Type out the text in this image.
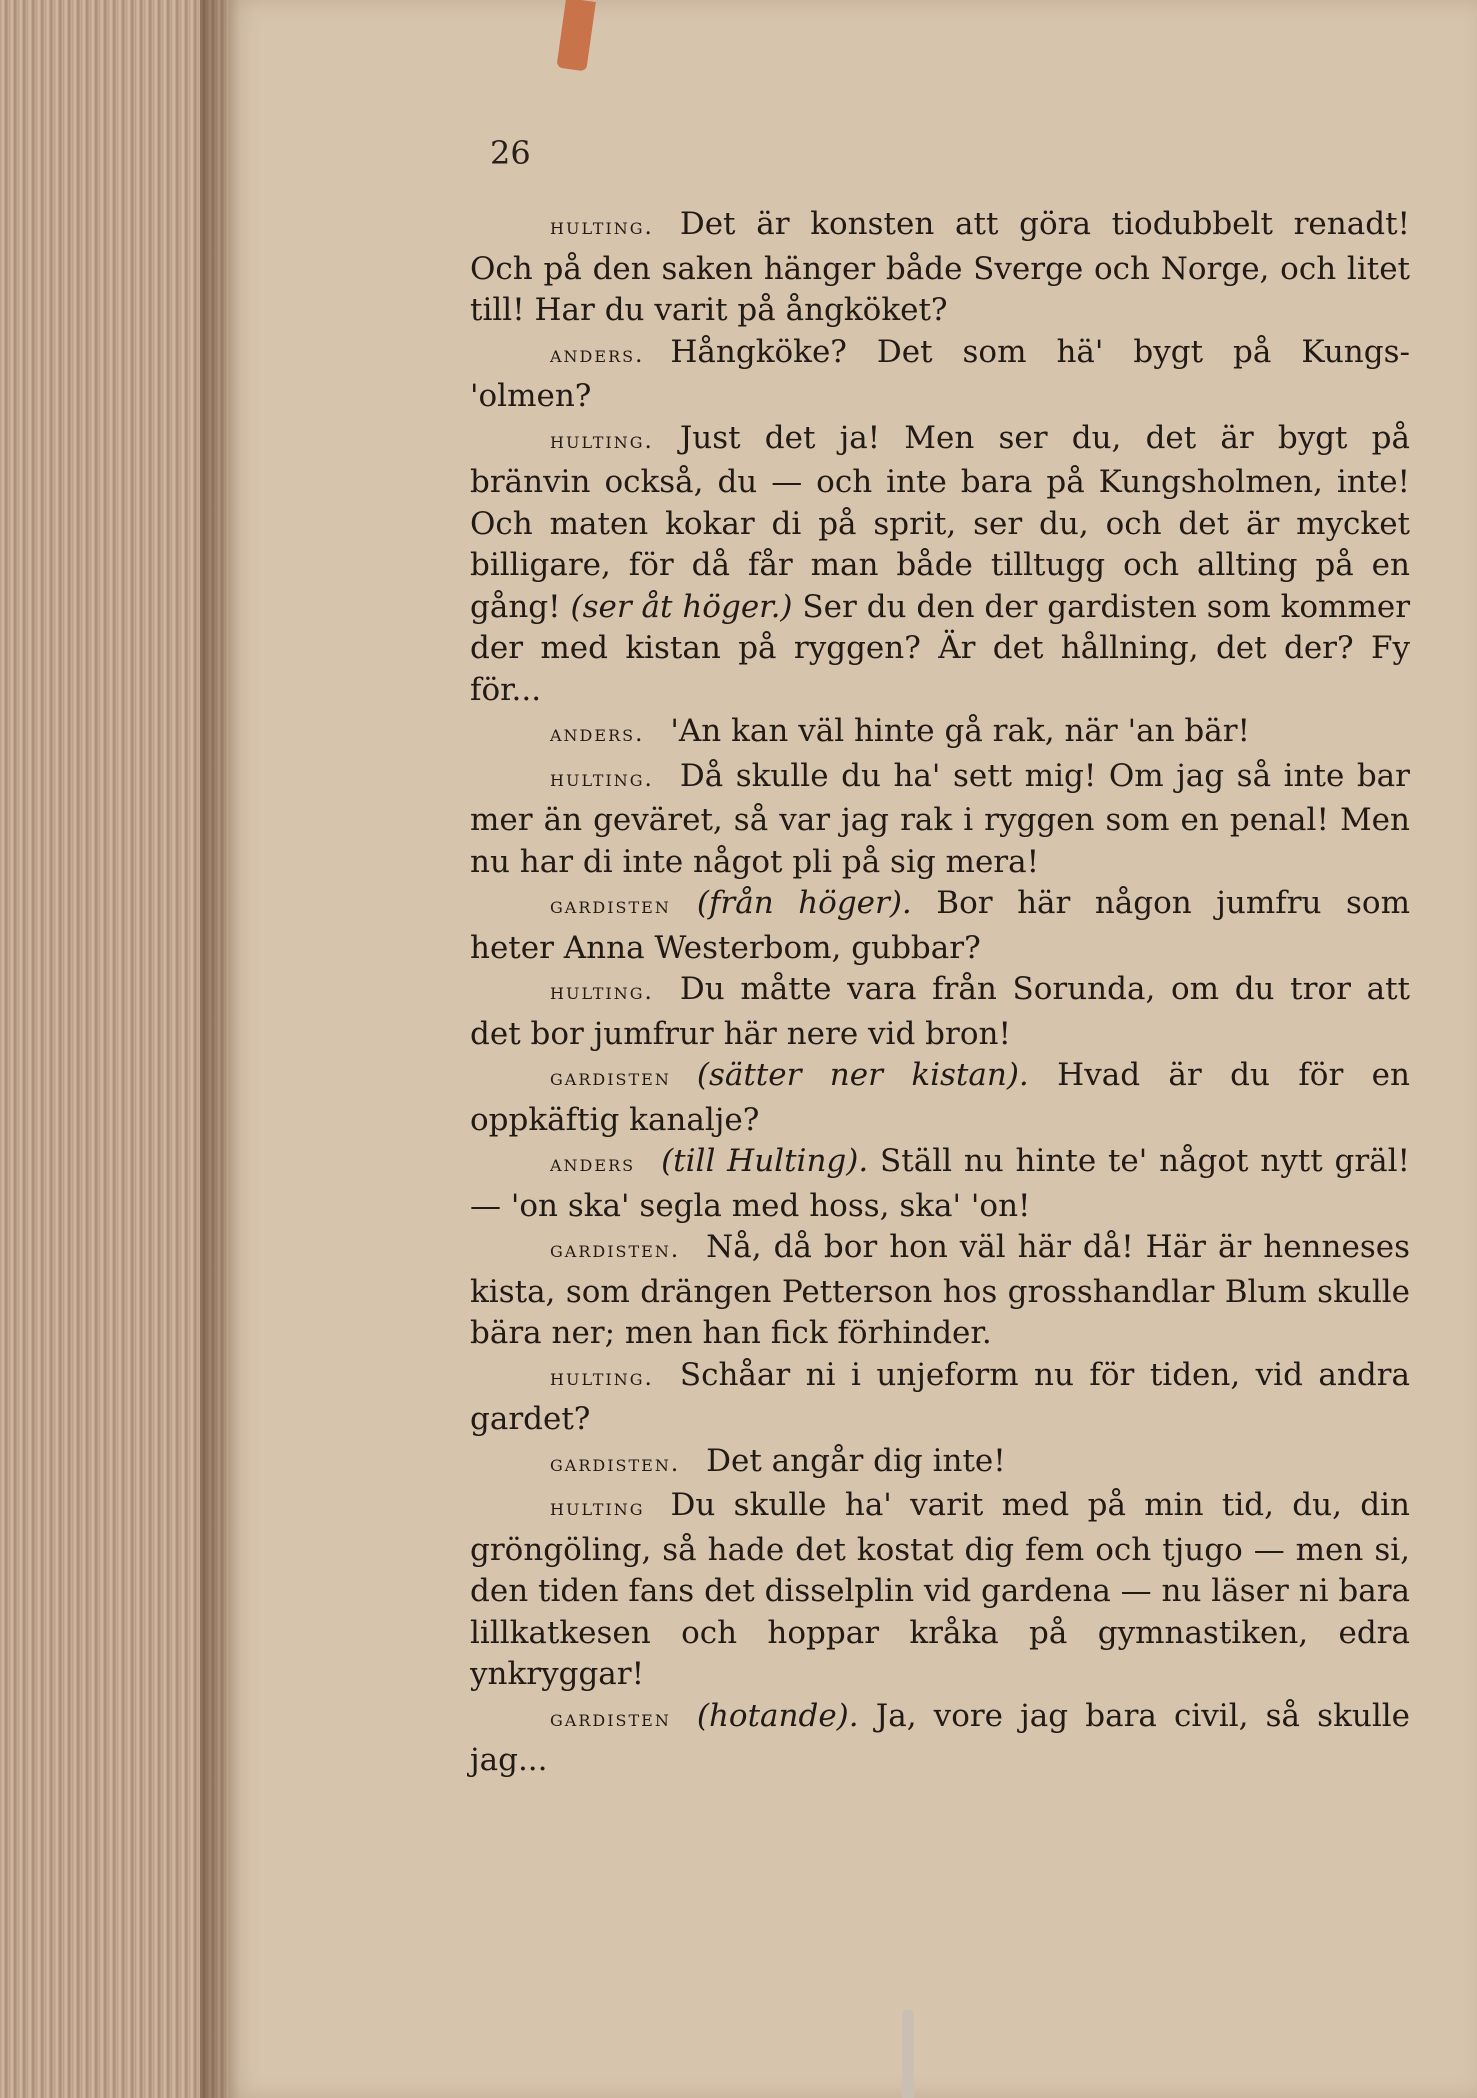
26

hulting. Det är konsten att göra tiodubbelt renadt! Och på den saken hänger både Sverge och Norge, och litet till! Har du varit på ångköket?

anders. Hångköke? Det som hä' bygt på Kungs-'olmen?

hulting. Just det ja! Men ser du, det är bygt på bränvin också, du — och inte bara på Kungsholmen, inte! Och maten kokar di på sprit, ser du, och det är mycket billigare, för då får man både tilltugg och allting på en gång! (ser åt höger.) Ser du den der gardisten som kommer der med kistan på ryggen? Är det hållning, det der? Fy för...

anders. 'An kan väl hinte gå rak, när 'an bär!

hulting. Då skulle du ha' sett mig! Om jag så inte bar mer än geväret, så var jag rak i ryggen som en penal! Men nu har di inte något pli på sig mera!

gardisten (från höger). Bor här någon jumfru som heter Anna Westerbom, gubbar?

hulting. Du måtte vara från Sorunda, om du tror att det bor jumfrur här nere vid bron!

gardisten (sätter ner kistan). Hvad är du för en oppkäftig kanalje?

anders (till Hulting). Ställ nu hinte te' något nytt gräl! — 'on ska' segla med hoss, ska' 'on!

gardisten. Nå, då bor hon väl här då! Här är henneses kista, som drängen Petterson hos grosshandlar Blum skulle bära ner; men han fick förhinder.

hulting. Schåar ni i unjeform nu för tiden, vid andra gardet?

gardisten. Det angår dig inte!

hulting Du skulle ha' varit med på min tid, du, din gröngöling, så hade det kostat dig fem och tjugo — men si, den tiden fans det disselplin vid gardena — nu läser ni bara lillkatkesen och hoppar kråka på gymnastiken, edra ynkryggar!

gardisten (hotande). Ja, vore jag bara civil, så skulle jag...
